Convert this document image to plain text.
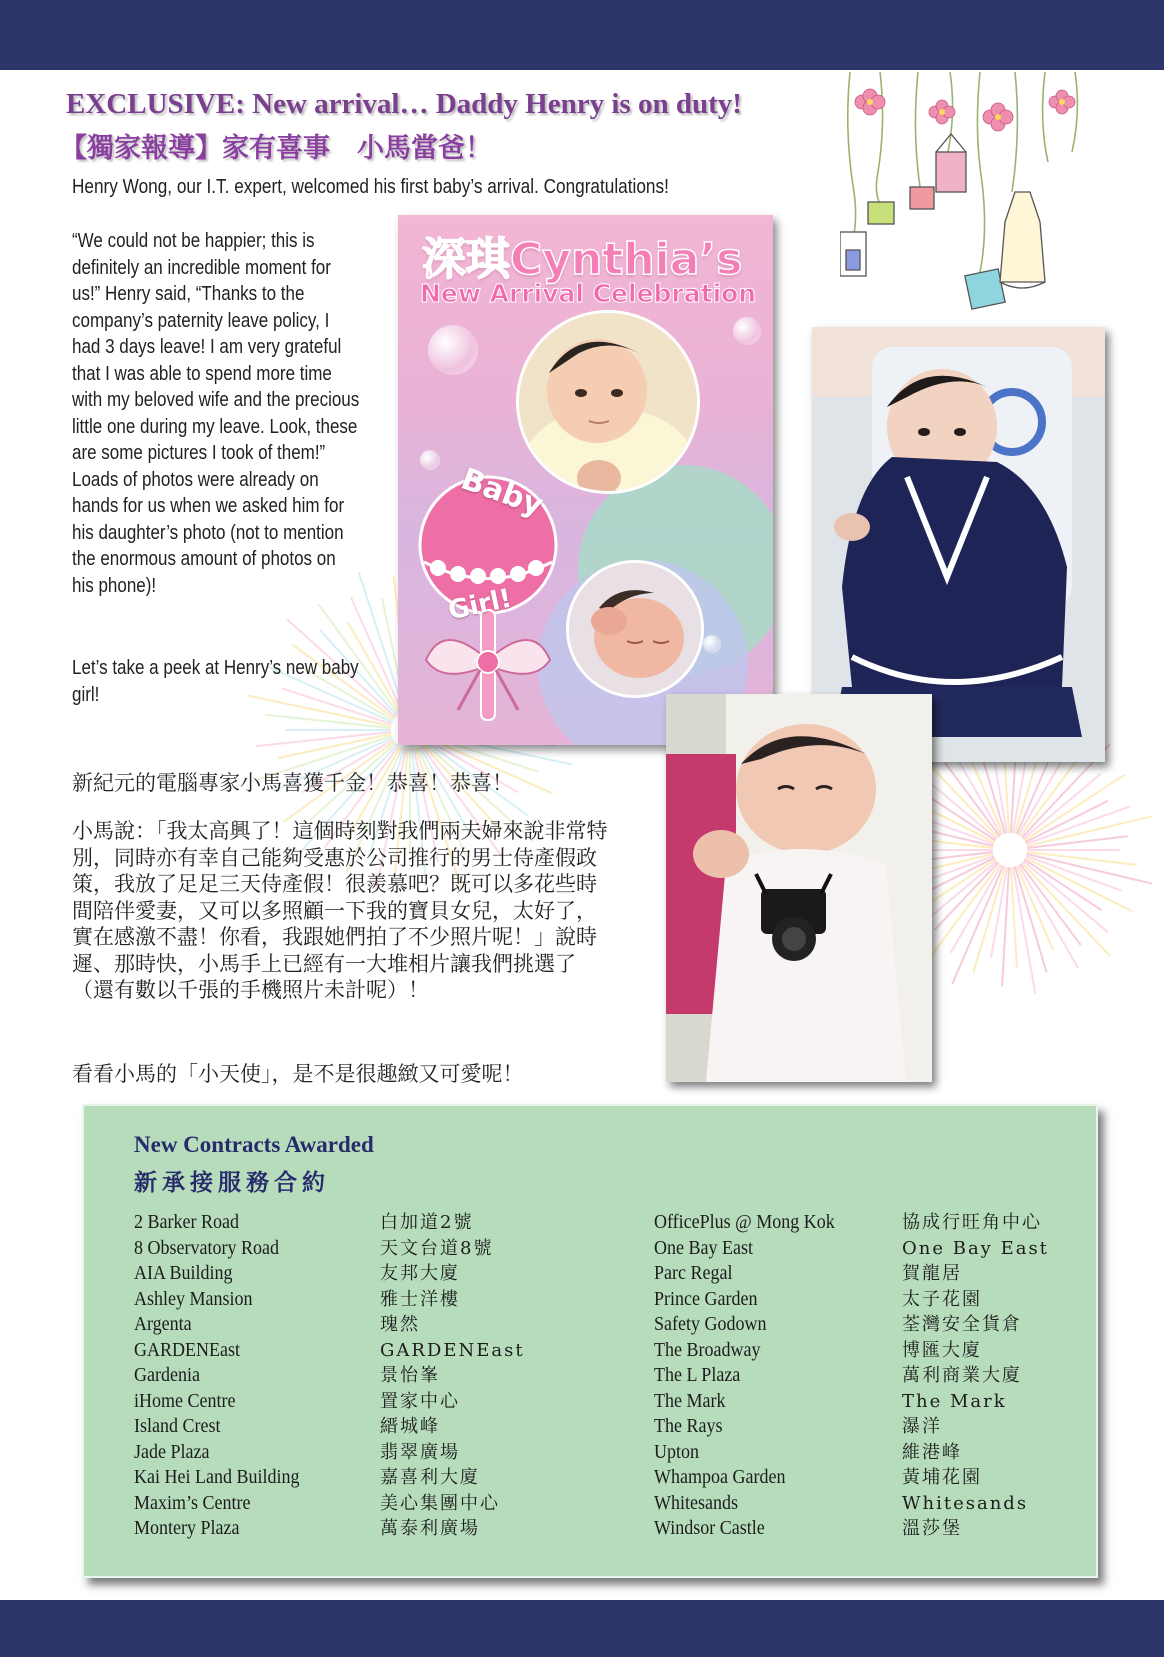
EXCLUSIVE: New arrival… Daddy Henry is on duty!
【獨家報導】家有喜事　小馬當爸！
Henry Wong, our I.T. expert, welcomed his first baby’s arrival. Congratulations!

“We could not be happier; this is definitely an incredible moment for us!” Henry said, “Thanks to the company’s paternity leave policy, I had 3 days leave! I am very grateful that I was able to spend more time with my beloved wife and the precious little one during my leave. Look, these are some pictures I took of them!” Loads of photos were already on hands for us when we asked him for his daughter’s photo (not to mention the enormous amount of photos on his phone)!

Let’s take a peek at Henry’s new baby girl!
深琪Cynthia’s
New Arrival Celebration
Baby
Girl!
新紀元的電腦專家小馬喜獲千金！恭喜！恭喜！
小馬說：「我太高興了！這個時刻對我們兩夫婦來說非常特別，同時亦有幸自己能夠受惠於公司推行的男士侍產假政策，我放了足足三天侍產假！很羨慕吧？既可以多花些時間陪伴愛妻，又可以多照顧一下我的寶貝女兒，太好了，實在感激不盡！你看，我跟她們拍了不少照片呢！」說時遲、那時快，小馬手上已經有一大堆相片讓我們挑選了（還有數以千張的手機照片未計呢）！
看看小馬的「小天使」，是不是很趣緻又可愛呢！
New Contracts Awarded
新承接服務合約
2 Barker Road
8 Observatory Road
AIA Building
Ashley Mansion
Argenta
GARDENEast
Gardenia
iHome Centre
Island Crest
Jade Plaza
Kai Hei Land Building
Maxim’s Centre
Montery Plaza
白加道2號
天文台道8號
友邦大廈
雅士洋樓
瑰然
GARDENEast
景怡峯
置家中心
縉城峰
翡翠廣場
嘉喜利大廈
美心集團中心
萬泰利廣場
OfficePlus @ Mong Kok
One Bay East
Parc Regal
Prince Garden
Safety Godown
The Broadway
The L Plaza
The Mark
The Rays
Upton
Whampoa Garden
Whitesands
Windsor Castle
協成行旺角中心
One Bay East
賀龍居
太子花園
荃灣安全貨倉
博匯大廈
萬利商業大廈
The Mark
瀑洋
維港峰
黃埔花園
Whitesands
溫莎堡
